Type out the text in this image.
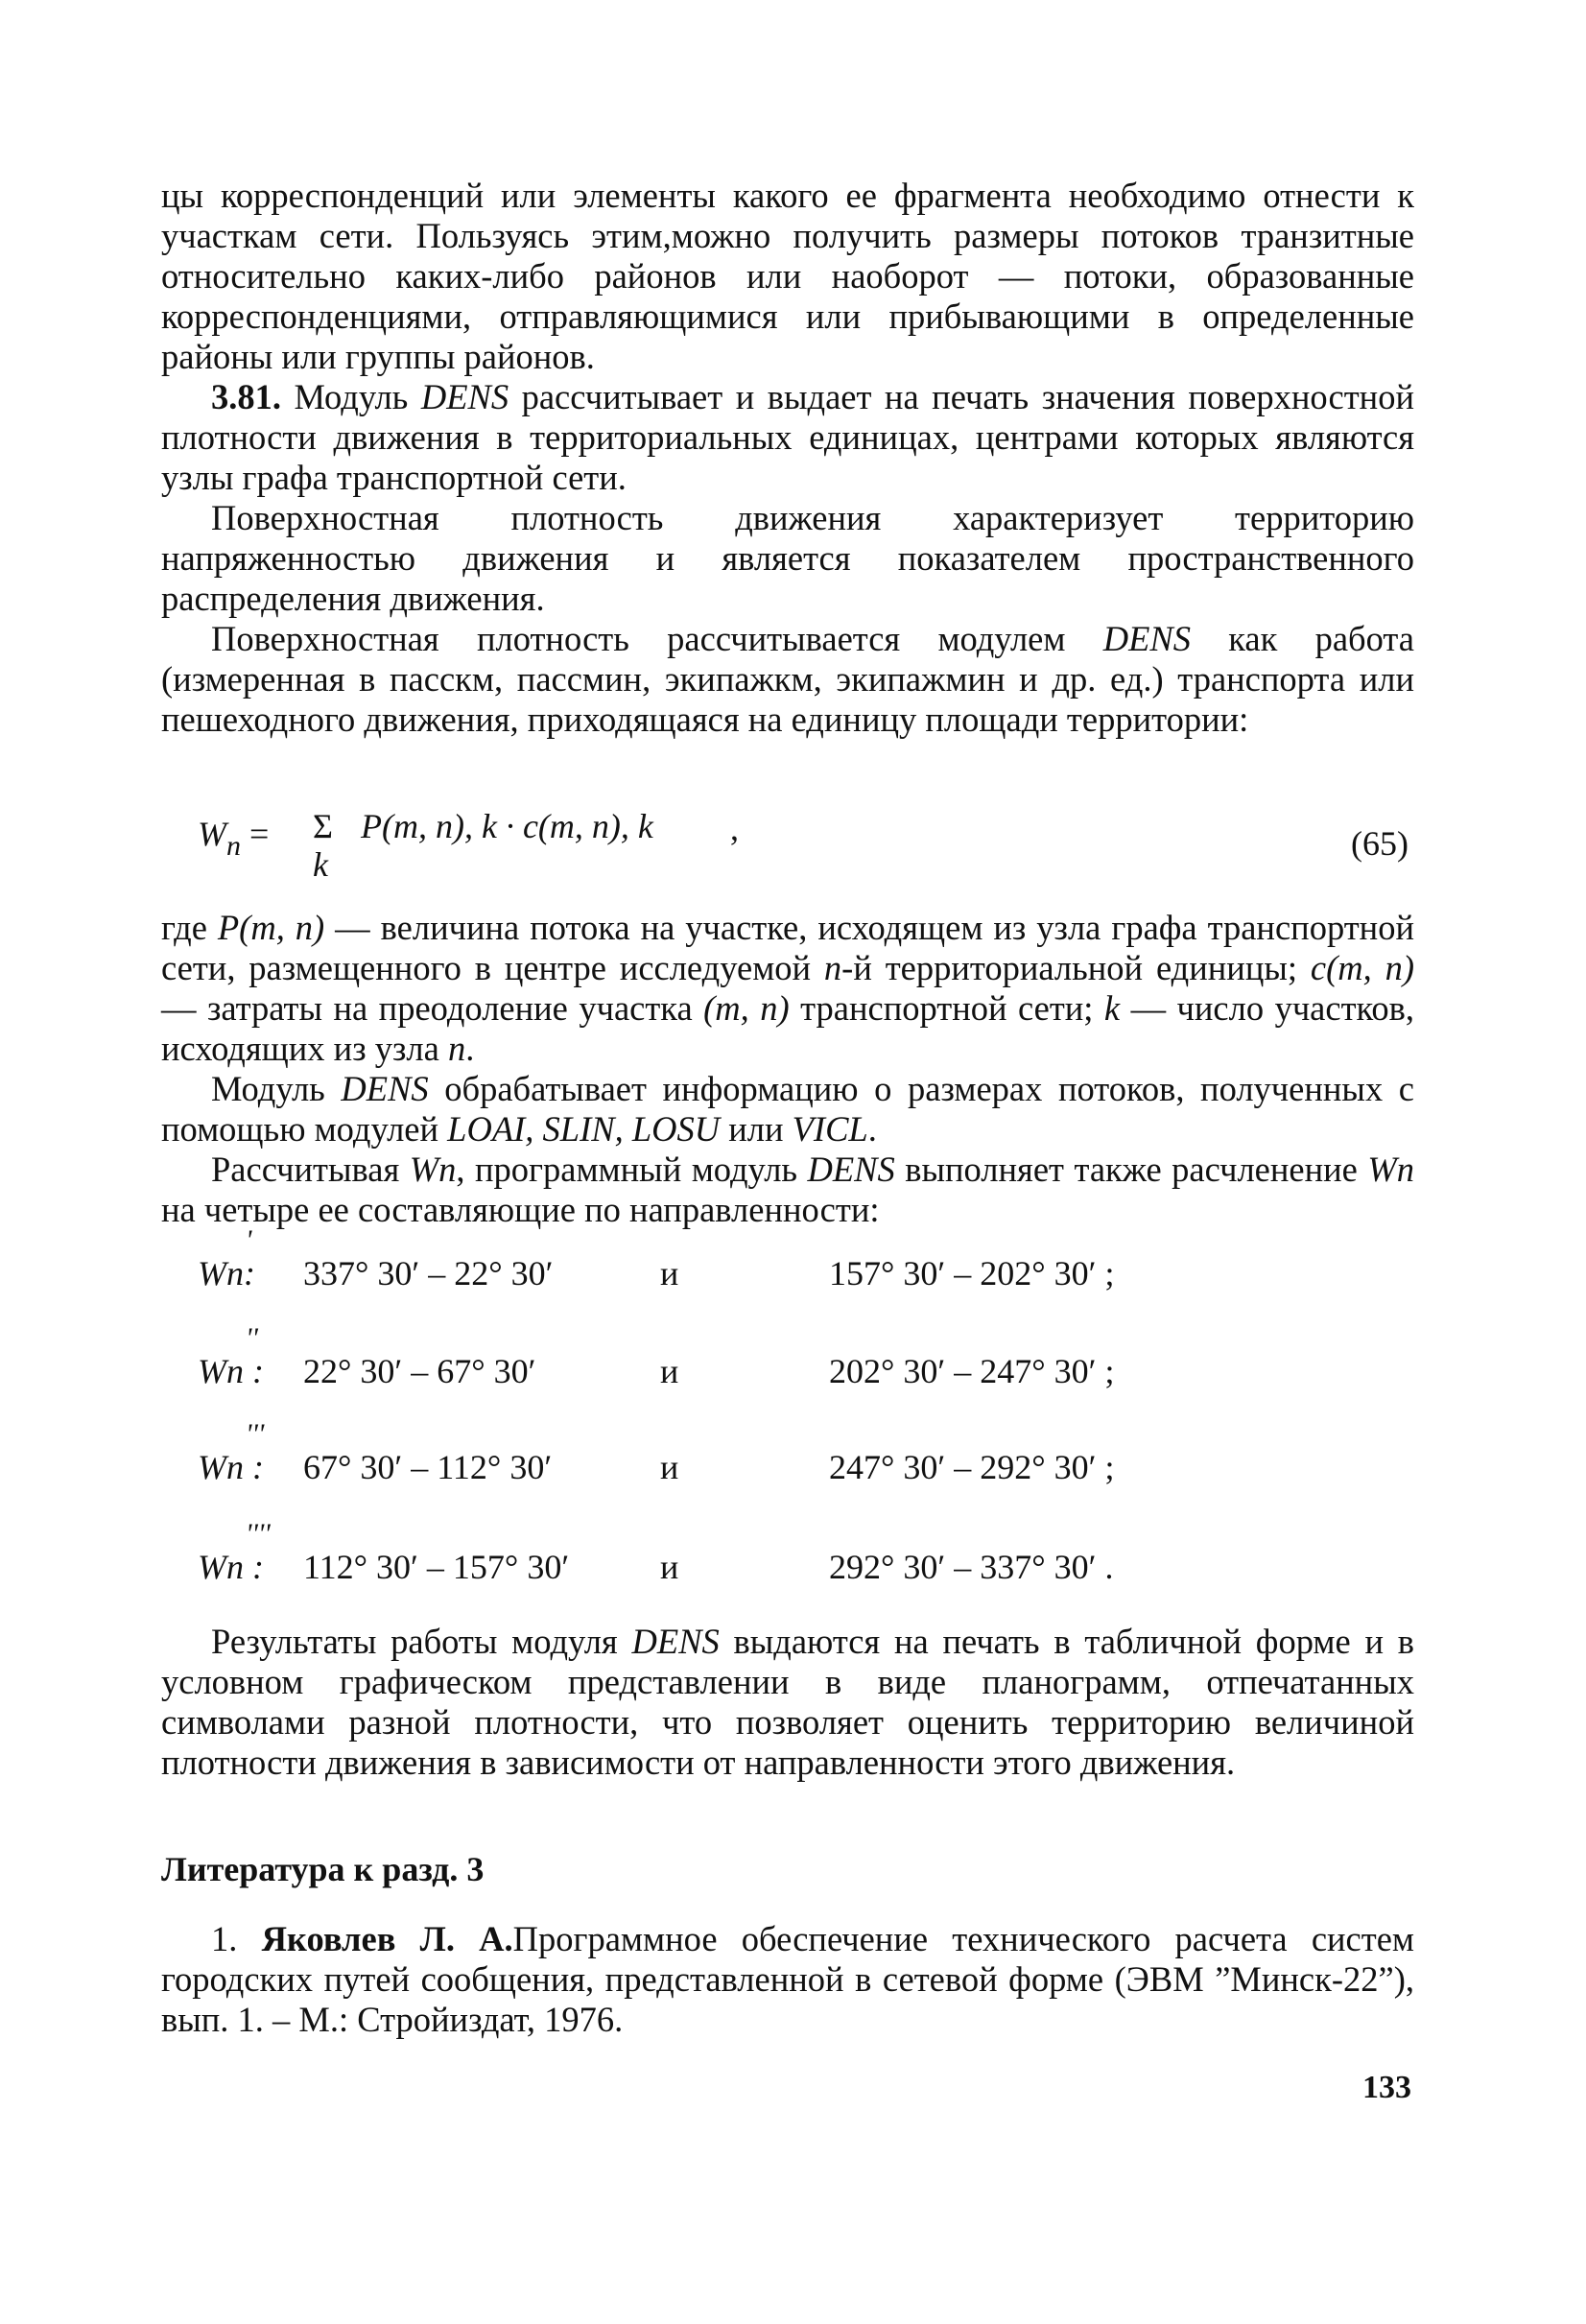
цы корреспонденций или элементы какого ее фрагмента необходимо отнести к участкам сети. Пользуясь этим,можно получить размеры потоков транзитные относительно каких-либо районов или наоборот — потоки, образованные корреспонденциями, отправляющимися или прибывающими в определенные районы или группы районов.

3.81. Модуль DENS рассчитывает и выдает на печать значения поверхностной плотности движения в территориальных единицах, центрами которых являются узлы графа транспортной сети.

Поверхностная плотность движения характеризует территорию напряженностью движения и является показателем пространственного распределения движения.

Поверхностная плотность рассчитывается модулем DENS как работа (измеренная в пасскм, пассмин, экипажкм, экипажмин и др. ед.) транспорта или пешеходного движения, приходящаяся на единицу площади территории:

$W_n = \Sigma$
k
P(m, n), k · c(m, n), k ,	(65)

где P(m, n) — величина потока на участке, исходящем из узла графа транспортной сети, размещенного в центре исследуемой n-й территориальной единицы; c(m, n) — затраты на преодоление участка (m, n) транспортной сети; k — число участков, исходящих из узла n.

Модуль DENS обрабатывает информацию о размерах потоков, полученных с помощью модулей LOAI, SLIN, LOSU или VICL.

Рассчитывая Wn, программный модуль DENS выполняет также расчленение Wn на четыре ее составляющие по направленности:

'
Wn: 337° 30′ – 22° 30′	и	157° 30′ – 202° 30′ ;
''
Wn : 22° 30′ – 67° 30′	и	202° 30′ – 247° 30′ ;
'''
Wn : 67° 30′ – 112° 30′	и	247° 30′ – 292° 30′ ;
''''
Wn : 112° 30′ – 157° 30′	и	292° 30′ – 337° 30′ .

Результаты работы модуля DENS выдаются на печать в табличной форме и в условном графическом представлении в виде планограмм, отпечатанных символами разной плотности, что позволяет оценить территорию величиной плотности движения в зависимости от направленности этого движения.

Литература к разд. 3

1. Яковлев Л. А.Программное обеспечение технического расчета систем городских путей сообщения, представленной в сетевой форме (ЭВМ ”Минск-22”), вып. 1. – М.: Стройиздат, 1976.

133
